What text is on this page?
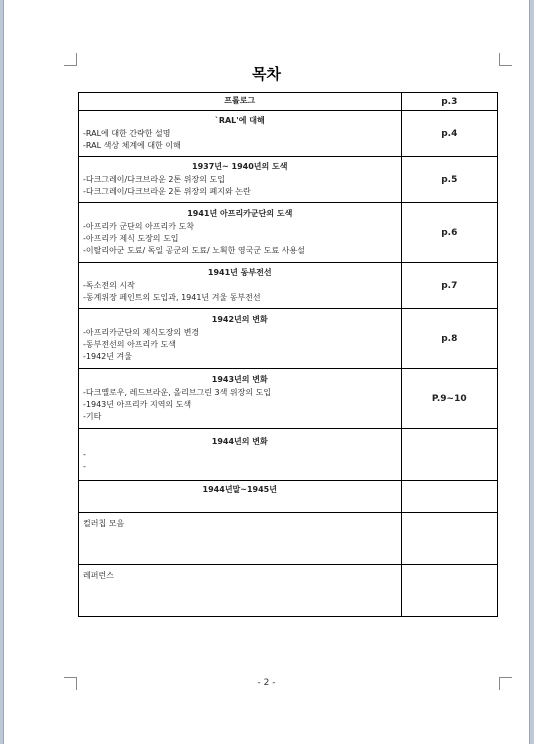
목차
프롤로그	p.3

`RAL'에 대해
-RAL에 대한 간략한 설명
-RAL 색상 체계에 대한 이해	p.4

1937년~ 1940년의 도색
-다크그레이/다크브라운 2톤 위장의 도입
-다크그레이/다크브라운 2톤 위장의 폐지와 논란	p.5

1941년 아프리카군단의 도색
-아프리카 군단의 아프리카 도착
-아프리카 제식 도장의 도입
-이탈리아군 도료/ 독일 공군의 도료/ 노획한 영국군 도료 사용설	p.6

1941년 동부전선
-독소전의 시작
-동계위장 페인트의 도입과, 1941년 겨울 동부전선	p.7

1942년의 변화
-아프리카군단의 제식도장의 변경
-동부전선의 아프리카 도색
-1942년 겨울	p.8

1943년의 변화
-다크옐로우, 레드브라운, 올리브그린 3색 위장의 도입
-1943년 아프리카 지역의 도색
-기타	P.9~10

1944년의 변화
-
-	

1944년말~1945년	

컬러칩 모음	

레퍼런스	

- 2 -
